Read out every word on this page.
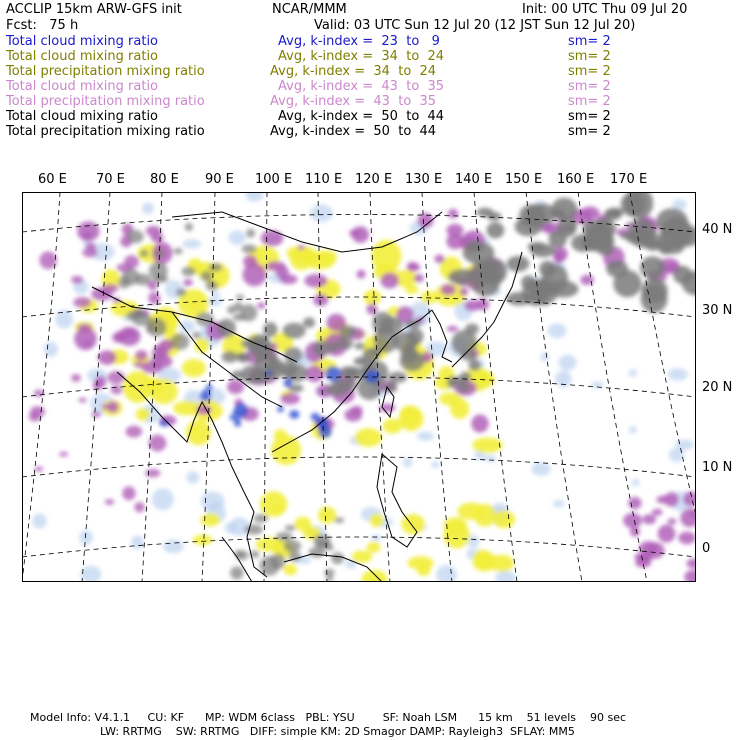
ACCLIP 15km ARW-GFS init	NCAR/MMM	Init: 00 UTC Thu 09 Jul 20
Fcst:   75 h	Valid: 03 UTC Sun 12 Jul 20 (12 JST Sun 12 Jul 20)
Total cloud mixing ratio	Avg, k-index =  23  to   9	sm= 2
Total cloud mixing ratio	Avg, k-index =  34  to  24	sm= 2
Total precipitation mixing ratio	Avg, k-index =  34  to  24	sm= 2
Total cloud mixing ratio	Avg, k-index =  43  to  35	sm= 2
Total precipitation mixing ratio	Avg, k-index =  43  to  35	sm= 2
Total cloud mixing ratio	Avg, k-index =  50  to  44	sm= 2
Total precipitation mixing ratio	Avg, k-index =  50  to  44	sm= 2
60 E 70 E 80 E 90 E 100 E 110 E 120 E 130 E 140 E 150 E 160 E 170 E
40 N
30 N
20 N
10 N
0
Model Info: V4.1.1     CU: KF      MP: WDM 6class   PBL: YSU        SF: Noah LSM      15 km    51 levels    90 sec
LW: RRTMG    SW: RRTMG   DIFF: simple KM: 2D Smagor DAMP: Rayleigh3  SFLAY: MM5
